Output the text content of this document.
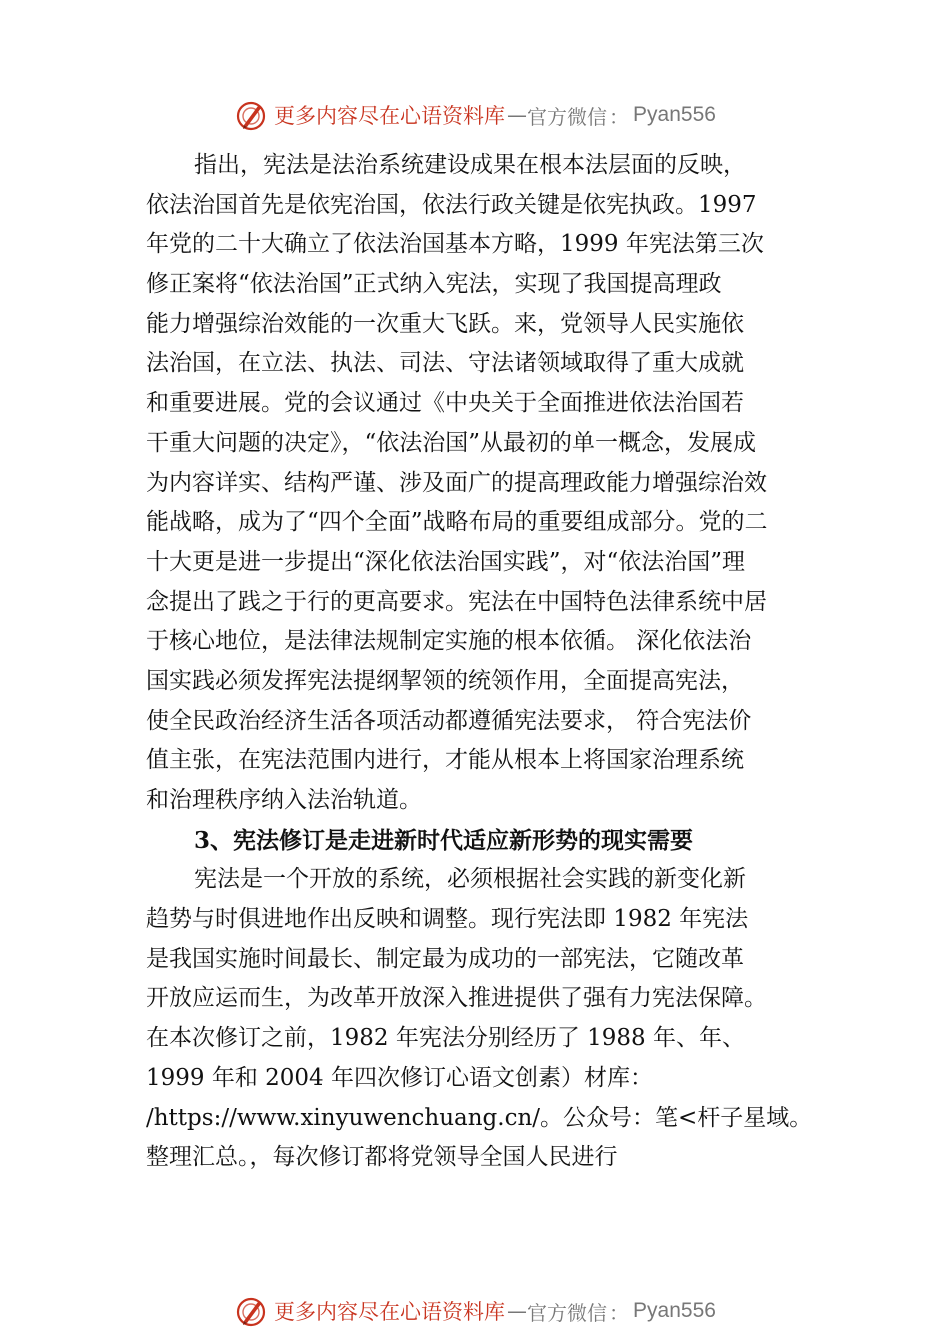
更多内容尽在心语资料库 — 官方微信 ： Pyan556
指出，宪法是法治系统建设成果在根本法层面的反映，
依法治国首先是依宪治国，依法行政关键是依宪执政。1997
年党的二十大确立了依法治国基本方略，1999 年宪法第三次
修正案将“依法治国”正式纳入宪法，实现了我国提高理政
能力增强综治效能的一次重大飞跃。来，党领导人民实施依
法治国，在立法、执法、司法、守法诸领域取得了重大成就
和重要进展。党的会议通过《中央关于全面推进依法治国若
干重大问题的决定》，“依法治国”从最初的单一概念，发展成
为内容详实、结构严谨、涉及面广的提高理政能力增强综治效
能战略，成为了“四个全面”战略布局的重要组成部分。党的二
十大更是进一步提出“深化依法治国实践”，对“依法治国”理
念提出了践之于行的更高要求。宪法在中国特色法律系统中居
于核心地位，是法律法规制定实施的根本依循。 深化依法治
国实践必须发挥宪法提纲挈领的统领作用，全面提高宪法，
使全民政治经济生活各项活动都遵循宪法要求， 符合宪法价
值主张，在宪法范围内进行，才能从根本上将国家治理系统
和治理秩序纳入法治轨道。
3、宪法修订是走进新时代适应新形势的现实需要
宪法是一个开放的系统，必须根据社会实践的新变化新
趋势与时俱进地作出反映和调整。现行宪法即 1982 年宪法
是我国实施时间最长、制定最为成功的一部宪法，它随改革
开放应运而生，为改革开放深入推进提供了强有力宪法保障。
在本次修订之前，1982 年宪法分别经历了 1988 年、年、
1999 年和 2004 年四次修订心语文创素）材库：
/https://www.xinyuwenchuang.cn/。公众号：笔<杆子星域。
整理汇总。，每次修订都将党领导全国人民进行
更多内容尽在心语资料库 — 官方微信 ： Pyan556
